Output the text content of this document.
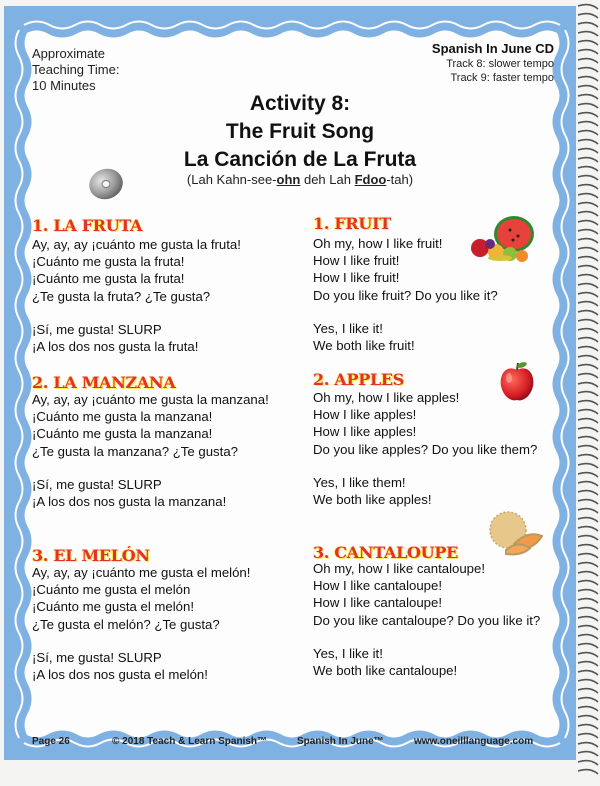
Approximate
Teaching Time:
10 Minutes
Spanish In June CD
Track 8: slower tempo
Track 9: faster tempo
Activity 8:
The Fruit Song
La Canción de La Fruta
(Lah Kahn-see-ohn deh Lah Fdoo-tah)
1. LA FRUTA
Ay, ay, ay ¡cuánto me gusta la fruta!
¡Cuánto me gusta la fruta!
¡Cuánto me gusta la fruta!
¿Te gusta la fruta? ¿Te gusta?
¡Sí, me gusta! SLURP
¡A los dos nos gusta la fruta!
1. FRUIT
Oh my, how I like fruit!
How I like fruit!
How I like fruit!
Do you like fruit? Do you like it?
Yes, I like it!
We both like fruit!
2. LA MANZANA
Ay, ay, ay ¡cuánto me gusta la manzana!
¡Cuánto me gusta la manzana!
¡Cuánto me gusta la manzana!
¿Te gusta la manzana? ¿Te gusta?
¡Sí, me gusta! SLURP
¡A los dos nos gusta la manzana!
2. APPLES
Oh my, how I like apples!
How I like apples!
How I like apples!
Do you like apples? Do you like them?
Yes, I like them!
We both like apples!
3. EL MELÓN
Ay, ay, ay ¡cuánto me gusta el melón!
¡Cuánto me gusta el melón
¡Cuánto me gusta el melón!
¿Te gusta el melón? ¿Te gusta?
¡Sí, me gusta! SLURP
¡A los dos nos gusta el melón!
3. CANTALOUPE
Oh my, how I like cantaloupe!
How I like cantaloupe!
How I like cantaloupe!
Do you like cantaloupe? Do you like it?
Yes, I like it!
We both like cantaloupe!
Page 26	© 2018 Teach & Learn Spanish™	Spanish In June™	www.oneilllanguage.com
